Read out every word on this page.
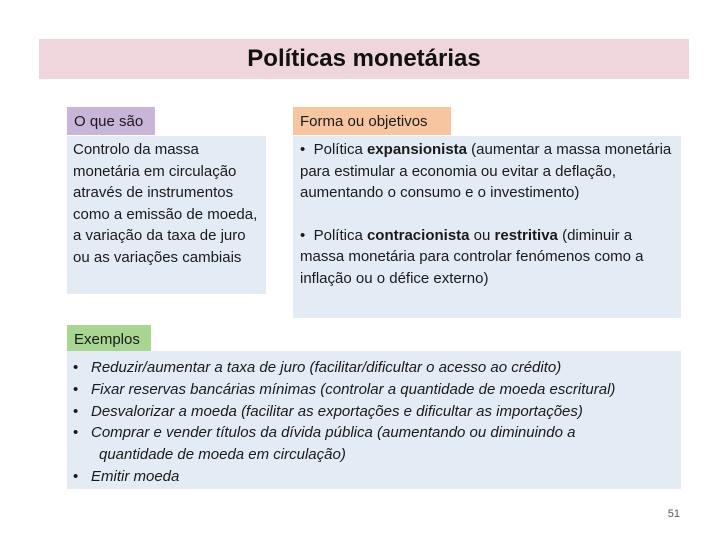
Políticas monetárias
O que são
Controlo da massa monetária em circulação através de instrumentos como a emissão de moeda, a variação da taxa de juro ou as variações cambiais
Forma ou objetivos

• Política expansionista (aumentar a massa monetária para estimular a economia ou evitar a deflação, aumentando o consumo e o investimento)

• Política contracionista ou restritiva (diminuir a massa monetária para controlar fenómenos como a inflação ou o défice externo)

Exemplos
• Reduzir/aumentar a taxa de juro (facilitar/dificultar o acesso ao crédito)
• Fixar reservas bancárias mínimas (controlar a quantidade de moeda escritural)
• Desvalorizar a moeda (facilitar as exportações e dificultar as importações)
• Comprar e vender títulos da dívida pública (aumentando ou diminuindo a
quantidade de moeda em circulação)
• Emitir moeda
51
